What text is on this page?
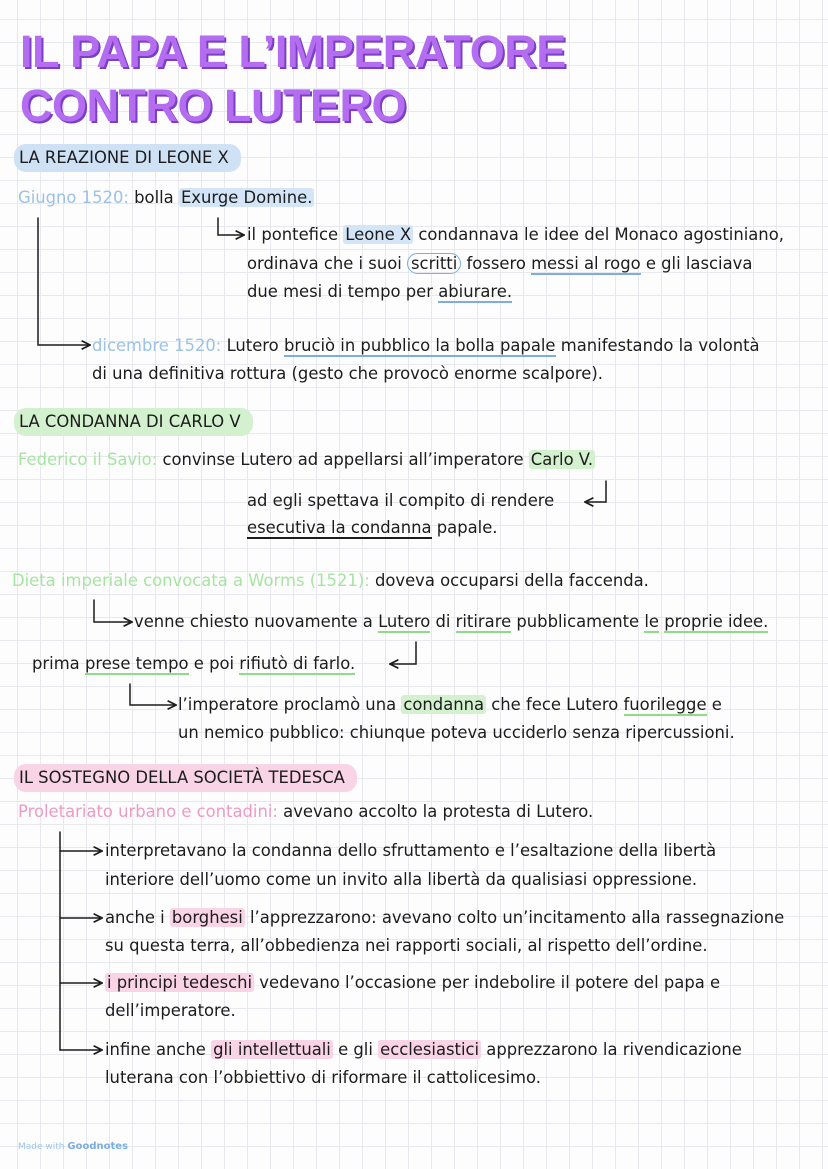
IL PAPA E L’IMPERATORE
CONTRO LUTERO
LA REAZIONE DI LEONE X
Giugno 1520: bolla Exurge Domine.
il pontefice Leone X condannava le idee del Monaco agostiniano,
ordinava che i suoi scritti fossero messi al rogo e gli lasciava
due mesi di tempo per abiurare.
dicembre 1520: Lutero bruciò in pubblico la bolla papale manifestando la volontà
di una definitiva rottura (gesto che provocò enorme scalpore).
LA CONDANNA DI CARLO V
Federico il Savio: convinse Lutero ad appellarsi all’imperatore Carlo V.
ad egli spettava il compito di rendere
esecutiva la condanna papale.
Dieta imperiale convocata a Worms (1521): doveva occuparsi della faccenda.
venne chiesto nuovamente a Lutero di ritirare pubblicamente le proprie idee.
prima prese tempo e poi rifiutò di farlo.
l’imperatore proclamò una condanna che fece Lutero fuorilegge e
un nemico pubblico: chiunque poteva ucciderlo senza ripercussioni.
IL SOSTEGNO DELLA SOCIETÀ TEDESCA
Proletariato urbano e contadini: avevano accolto la protesta di Lutero.
interpretavano la condanna dello sfruttamento e l’esaltazione della libertà
interiore dell’uomo come un invito alla libertà da qualisiasi oppressione.
anche i borghesi l’apprezzarono: avevano colto un’incitamento alla rassegnazione
su questa terra, all’obbedienza nei rapporti sociali, al rispetto dell’ordine.
i principi tedeschi vedevano l’occasione per indebolire il potere del papa e
dell’imperatore.
infine anche gli intellettuali e gli ecclesiastici apprezzarono la rivendicazione
luterana con l’obbiettivo di riformare il cattolicesimo.
Made with Goodnotes
